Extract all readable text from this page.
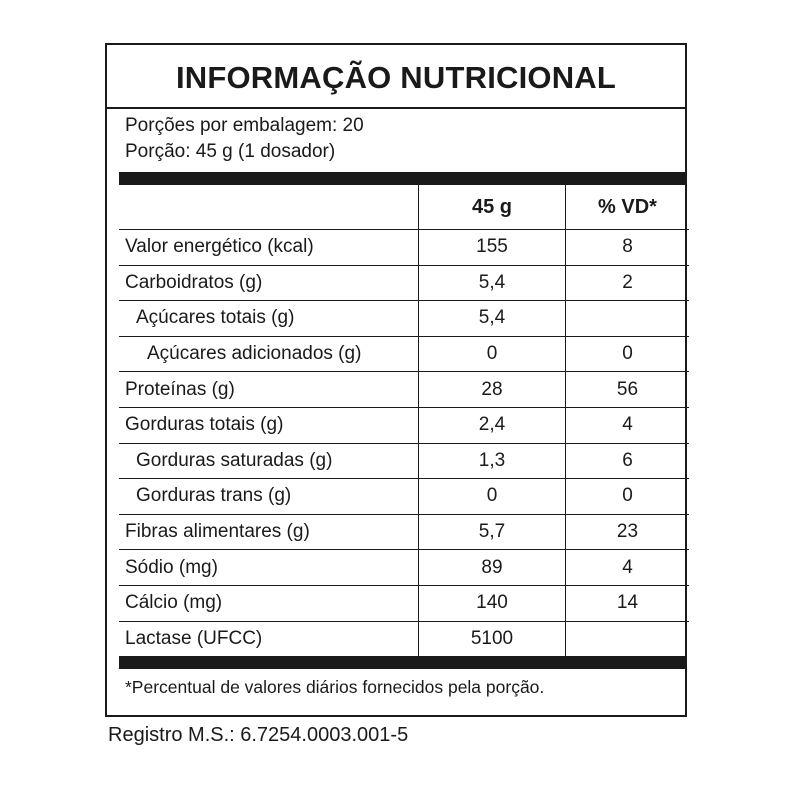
INFORMAÇÃO NUTRICIONAL
Porções por embalagem: 20
Porção: 45 g (1 dosador)
	45 g	% VD*
Valor energético (kcal)	155	8
Carboidratos (g)	5,4	2
Açúcares totais (g)	5,4	
Açúcares adicionados (g)	0	0
Proteínas (g)	28	56
Gorduras totais (g)	2,4	4
Gorduras saturadas (g)	1,3	6
Gorduras trans (g)	0	0
Fibras alimentares (g)	5,7	23
Sódio (mg)	89	4
Cálcio (mg)	140	14
Lactase (UFCC)	5100	
*Percentual de valores diários fornecidos pela porção.
Registro M.S.: 6.7254.0003.001-5
